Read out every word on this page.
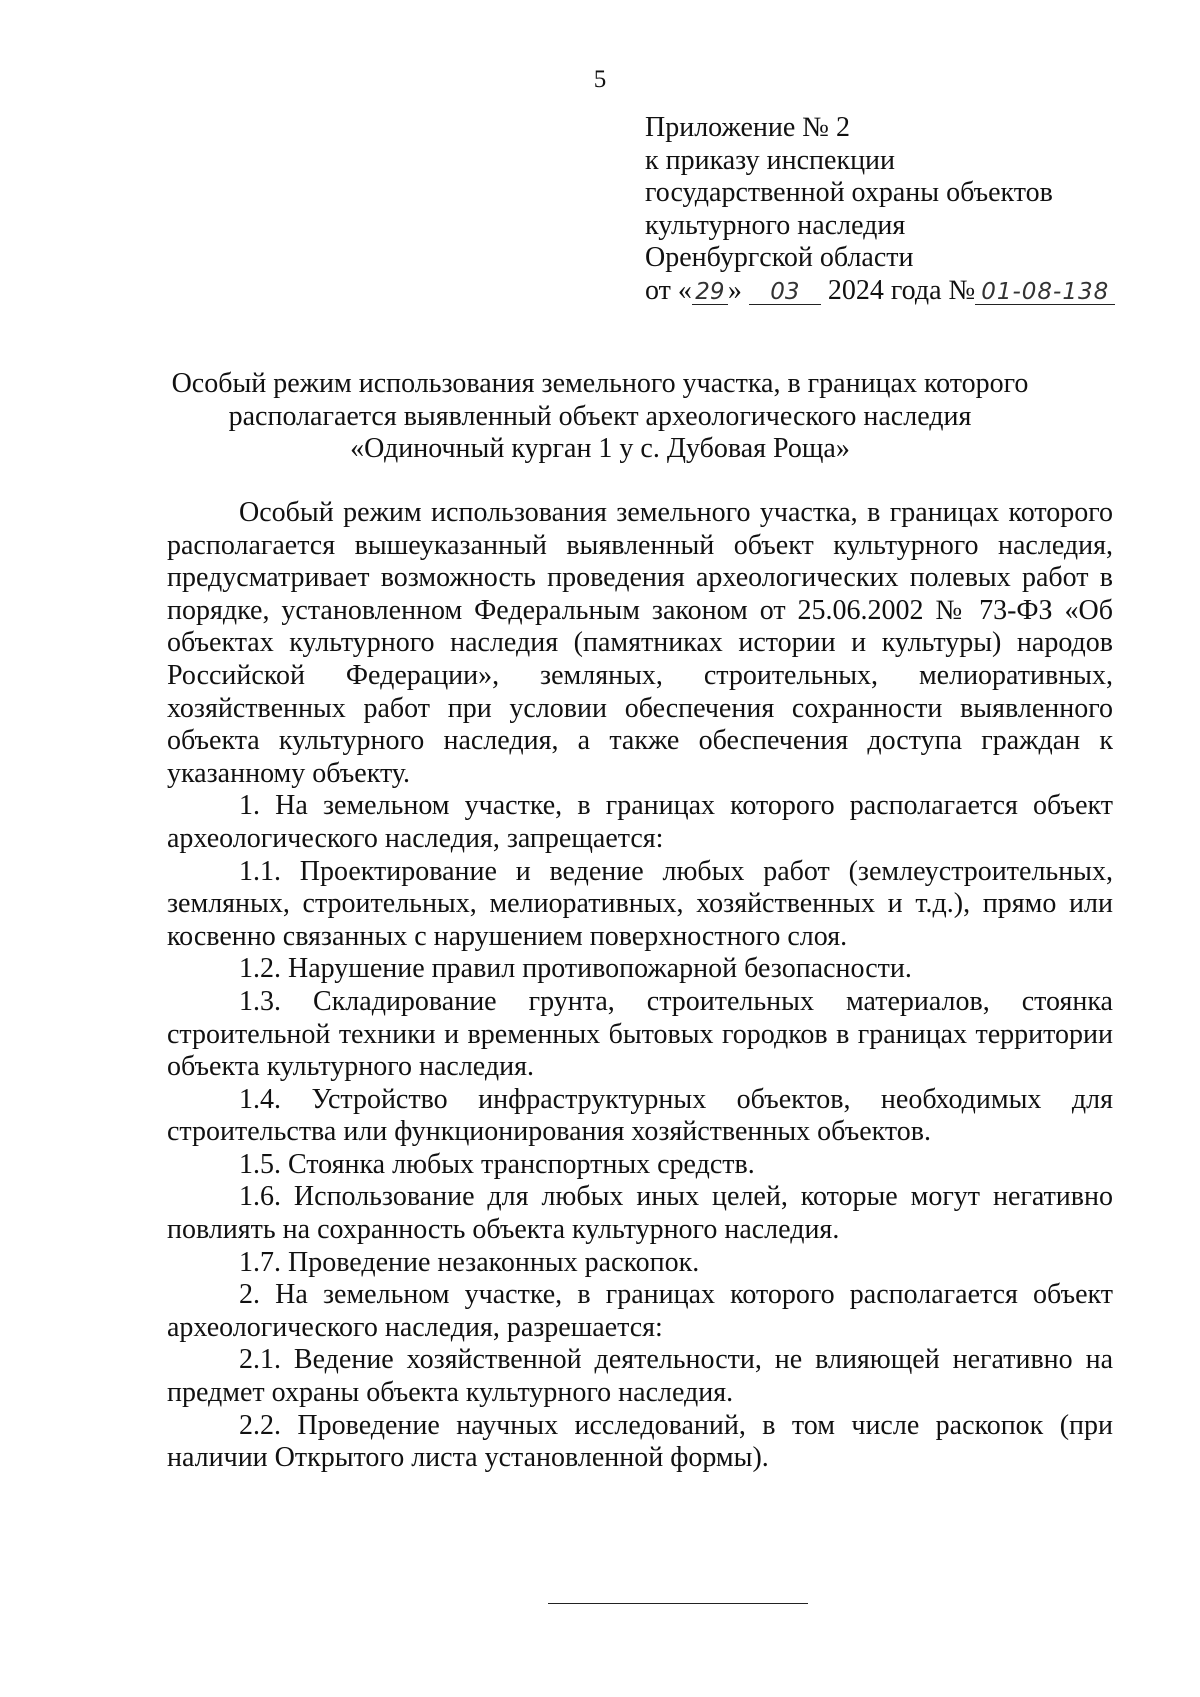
5
Приложение № 2
к приказу инспекции
государственной охраны объектов
культурного наследия
Оренбургской области
от « 29 » 03 2024 года № 01-08-138
Особый режим использования земельного участка, в границах которого
располагается выявленный объект археологического наследия
«Одиночный курган 1 у с. Дубовая Роща»

Особый режим использования земельного участка, в границах которого располагается вышеуказанный выявленный объект культурного наследия, предусматривает возможность проведения археологических полевых работ в порядке, установленном Федеральным законом от 25.06.2002 № 73-ФЗ «Об объектах культурного наследия (памятниках истории и культуры) народов Российской Федерации», земляных, строительных, мелиоративных, хозяйственных работ при условии обеспечения сохранности выявленного объекта культурного наследия, а также обеспечения доступа граждан к указанному объекту.

1. На земельном участке, в границах которого располагается объект археологического наследия, запрещается:

1.1. Проектирование и ведение любых работ (землеустроительных, земляных, строительных, мелиоративных, хозяйственных и т.д.), прямо или косвенно связанных с нарушением поверхностного слоя.

1.2. Нарушение правил противопожарной безопасности.

1.3. Складирование грунта, строительных материалов, стоянка строительной техники и временных бытовых городков в границах территории объекта культурного наследия.

1.4. Устройство инфраструктурных объектов, необходимых для строительства или функционирования хозяйственных объектов.

1.5. Стоянка любых транспортных средств.

1.6. Использование для любых иных целей, которые могут негативно повлиять на сохранность объекта культурного наследия.

1.7. Проведение незаконных раскопок.

2. На земельном участке, в границах которого располагается объект археологического наследия, разрешается:

2.1. Ведение хозяйственной деятельности, не влияющей негативно на предмет охраны объекта культурного наследия.

2.2. Проведение научных исследований, в том числе раскопок (при наличии Открытого листа установленной формы).
